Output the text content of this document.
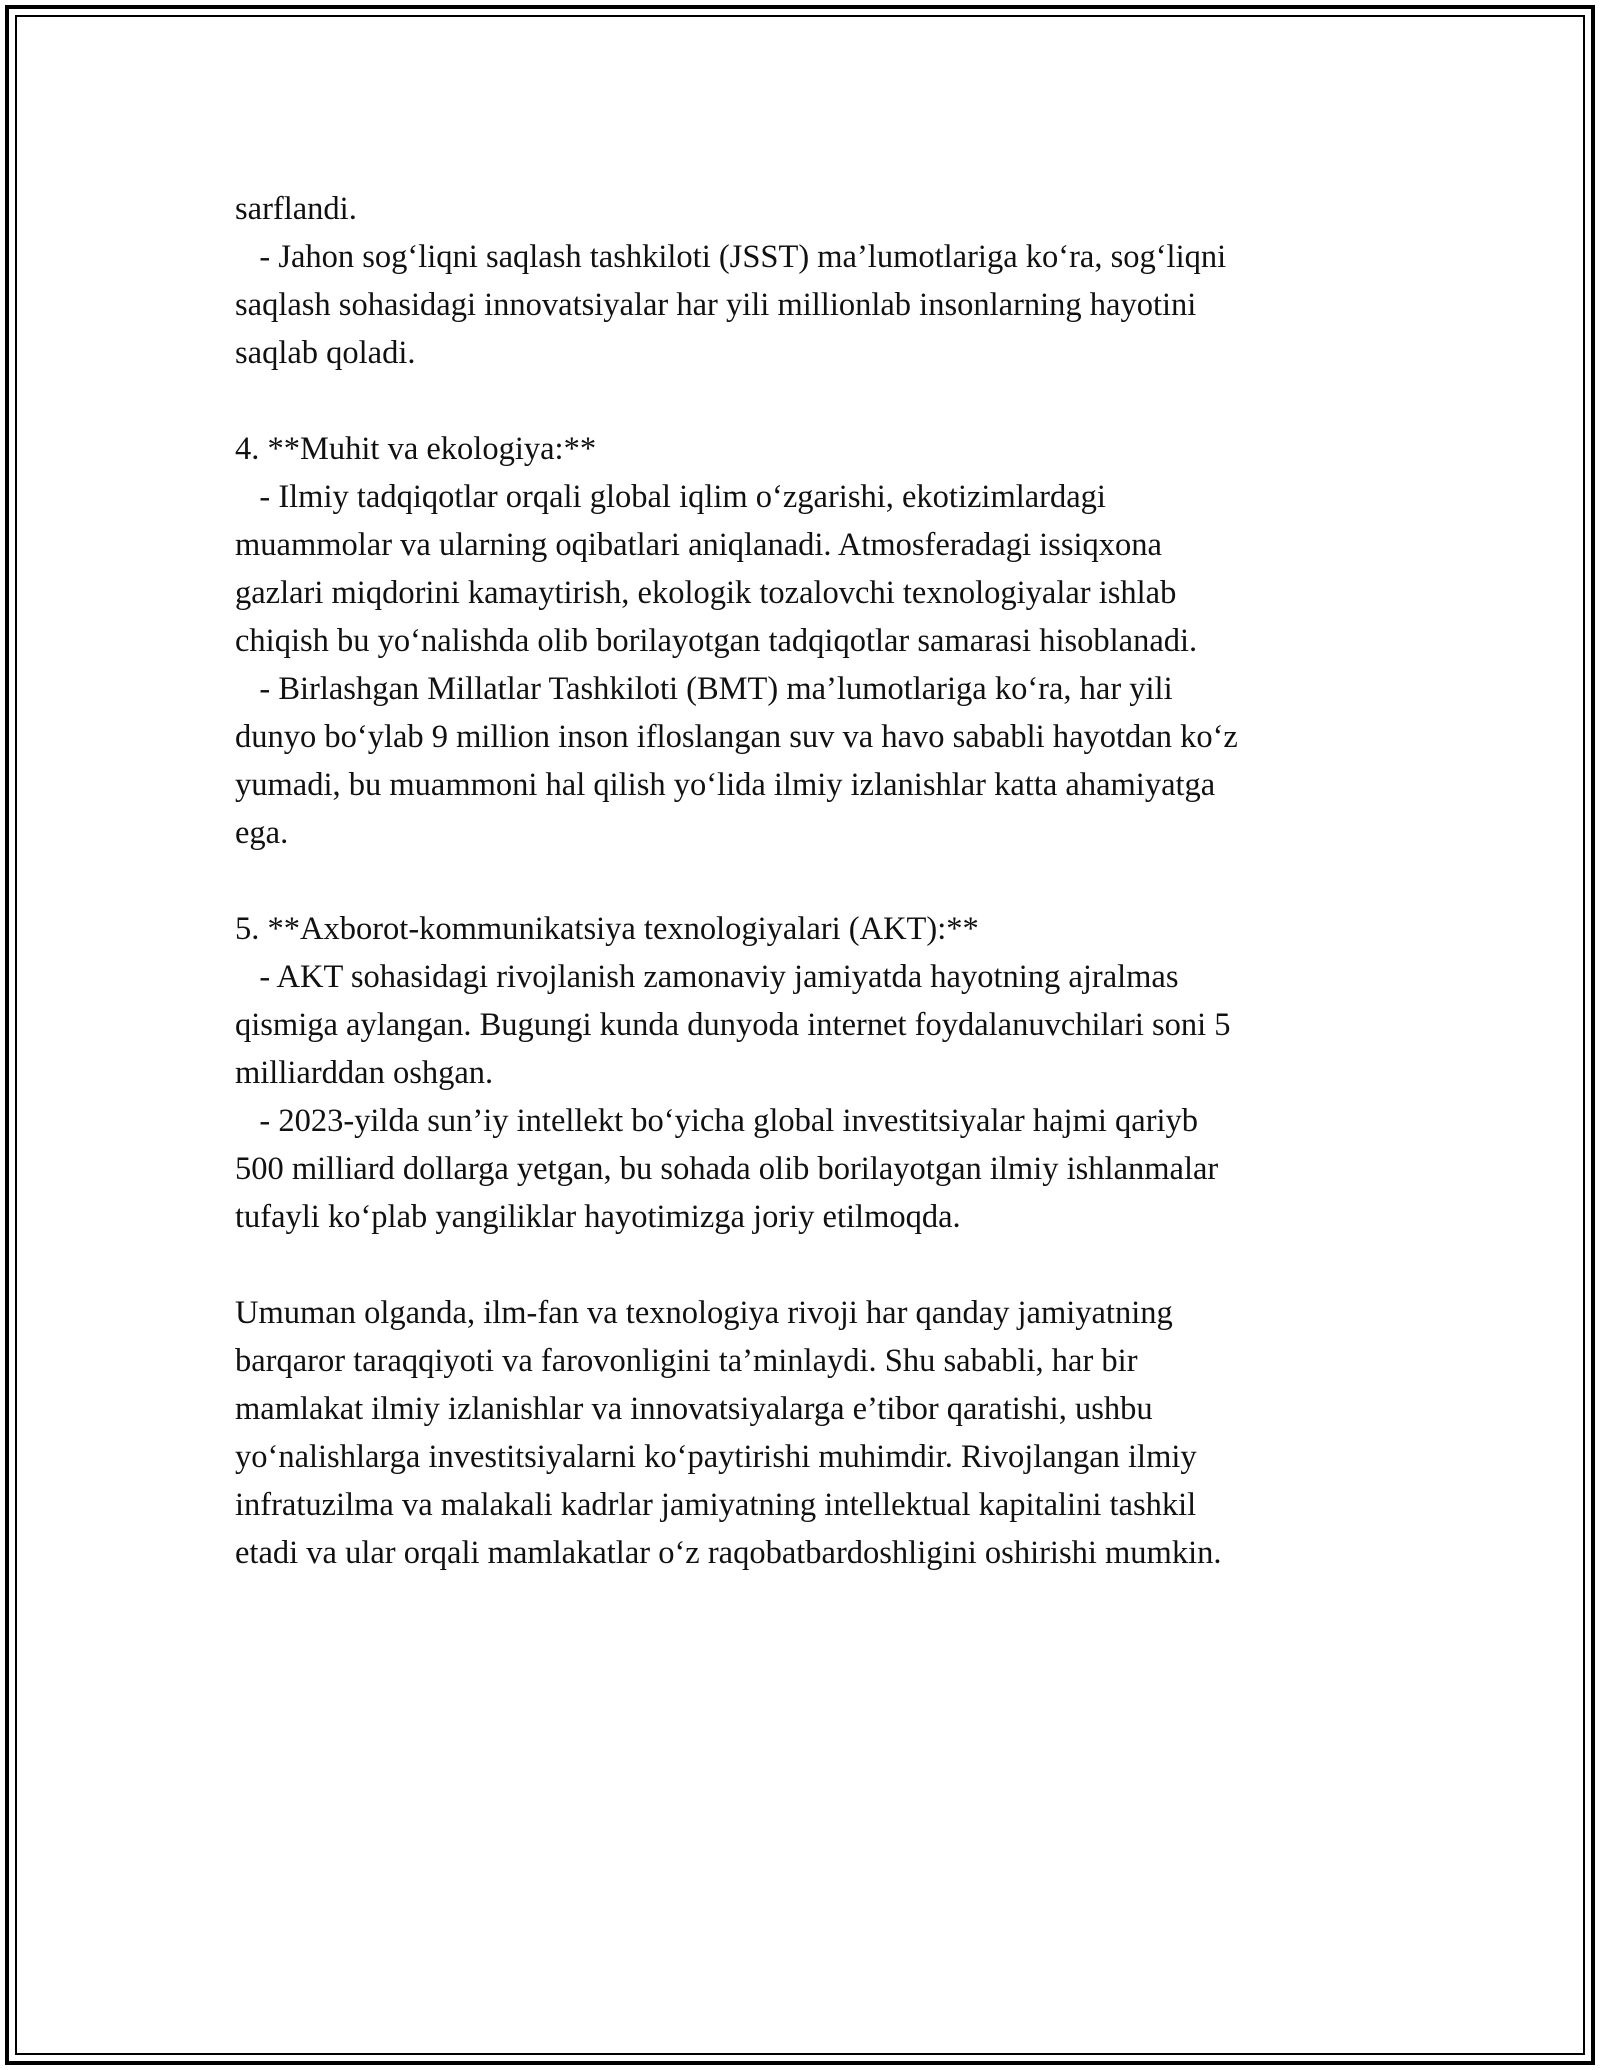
sarflandi.
- Jahon sog‘liqni saqlash tashkiloti (JSST) ma’lumotlariga ko‘ra, sog‘liqni
saqlash sohasidagi innovatsiyalar har yili millionlab insonlarning hayotini
saqlab qoladi.
4. **Muhit va ekologiya:**
- Ilmiy tadqiqotlar orqali global iqlim o‘zgarishi, ekotizimlardagi
muammolar va ularning oqibatlari aniqlanadi. Atmosferadagi issiqxona
gazlari miqdorini kamaytirish, ekologik tozalovchi texnologiyalar ishlab
chiqish bu yo‘nalishda olib borilayotgan tadqiqotlar samarasi hisoblanadi.
- Birlashgan Millatlar Tashkiloti (BMT) ma’lumotlariga ko‘ra, har yili
dunyo bo‘ylab 9 million inson ifloslangan suv va havo sababli hayotdan ko‘z
yumadi, bu muammoni hal qilish yo‘lida ilmiy izlanishlar katta ahamiyatga
ega.
5. **Axborot-kommunikatsiya texnologiyalari (AKT):**
- AKT sohasidagi rivojlanish zamonaviy jamiyatda hayotning ajralmas
qismiga aylangan. Bugungi kunda dunyoda internet foydalanuvchilari soni 5
milliarddan oshgan.
- 2023-yilda sun’iy intellekt bo‘yicha global investitsiyalar hajmi qariyb
500 milliard dollarga yetgan, bu sohada olib borilayotgan ilmiy ishlanmalar
tufayli ko‘plab yangiliklar hayotimizga joriy etilmoqda.
Umuman olganda, ilm-fan va texnologiya rivoji har qanday jamiyatning
barqaror taraqqiyoti va farovonligini ta’minlaydi. Shu sababli, har bir
mamlakat ilmiy izlanishlar va innovatsiyalarga e’tibor qaratishi, ushbu
yo‘nalishlarga investitsiyalarni ko‘paytirishi muhimdir. Rivojlangan ilmiy
infratuzilma va malakali kadrlar jamiyatning intellektual kapitalini tashkil
etadi va ular orqali mamlakatlar o‘z raqobatbardoshligini oshirishi mumkin.
